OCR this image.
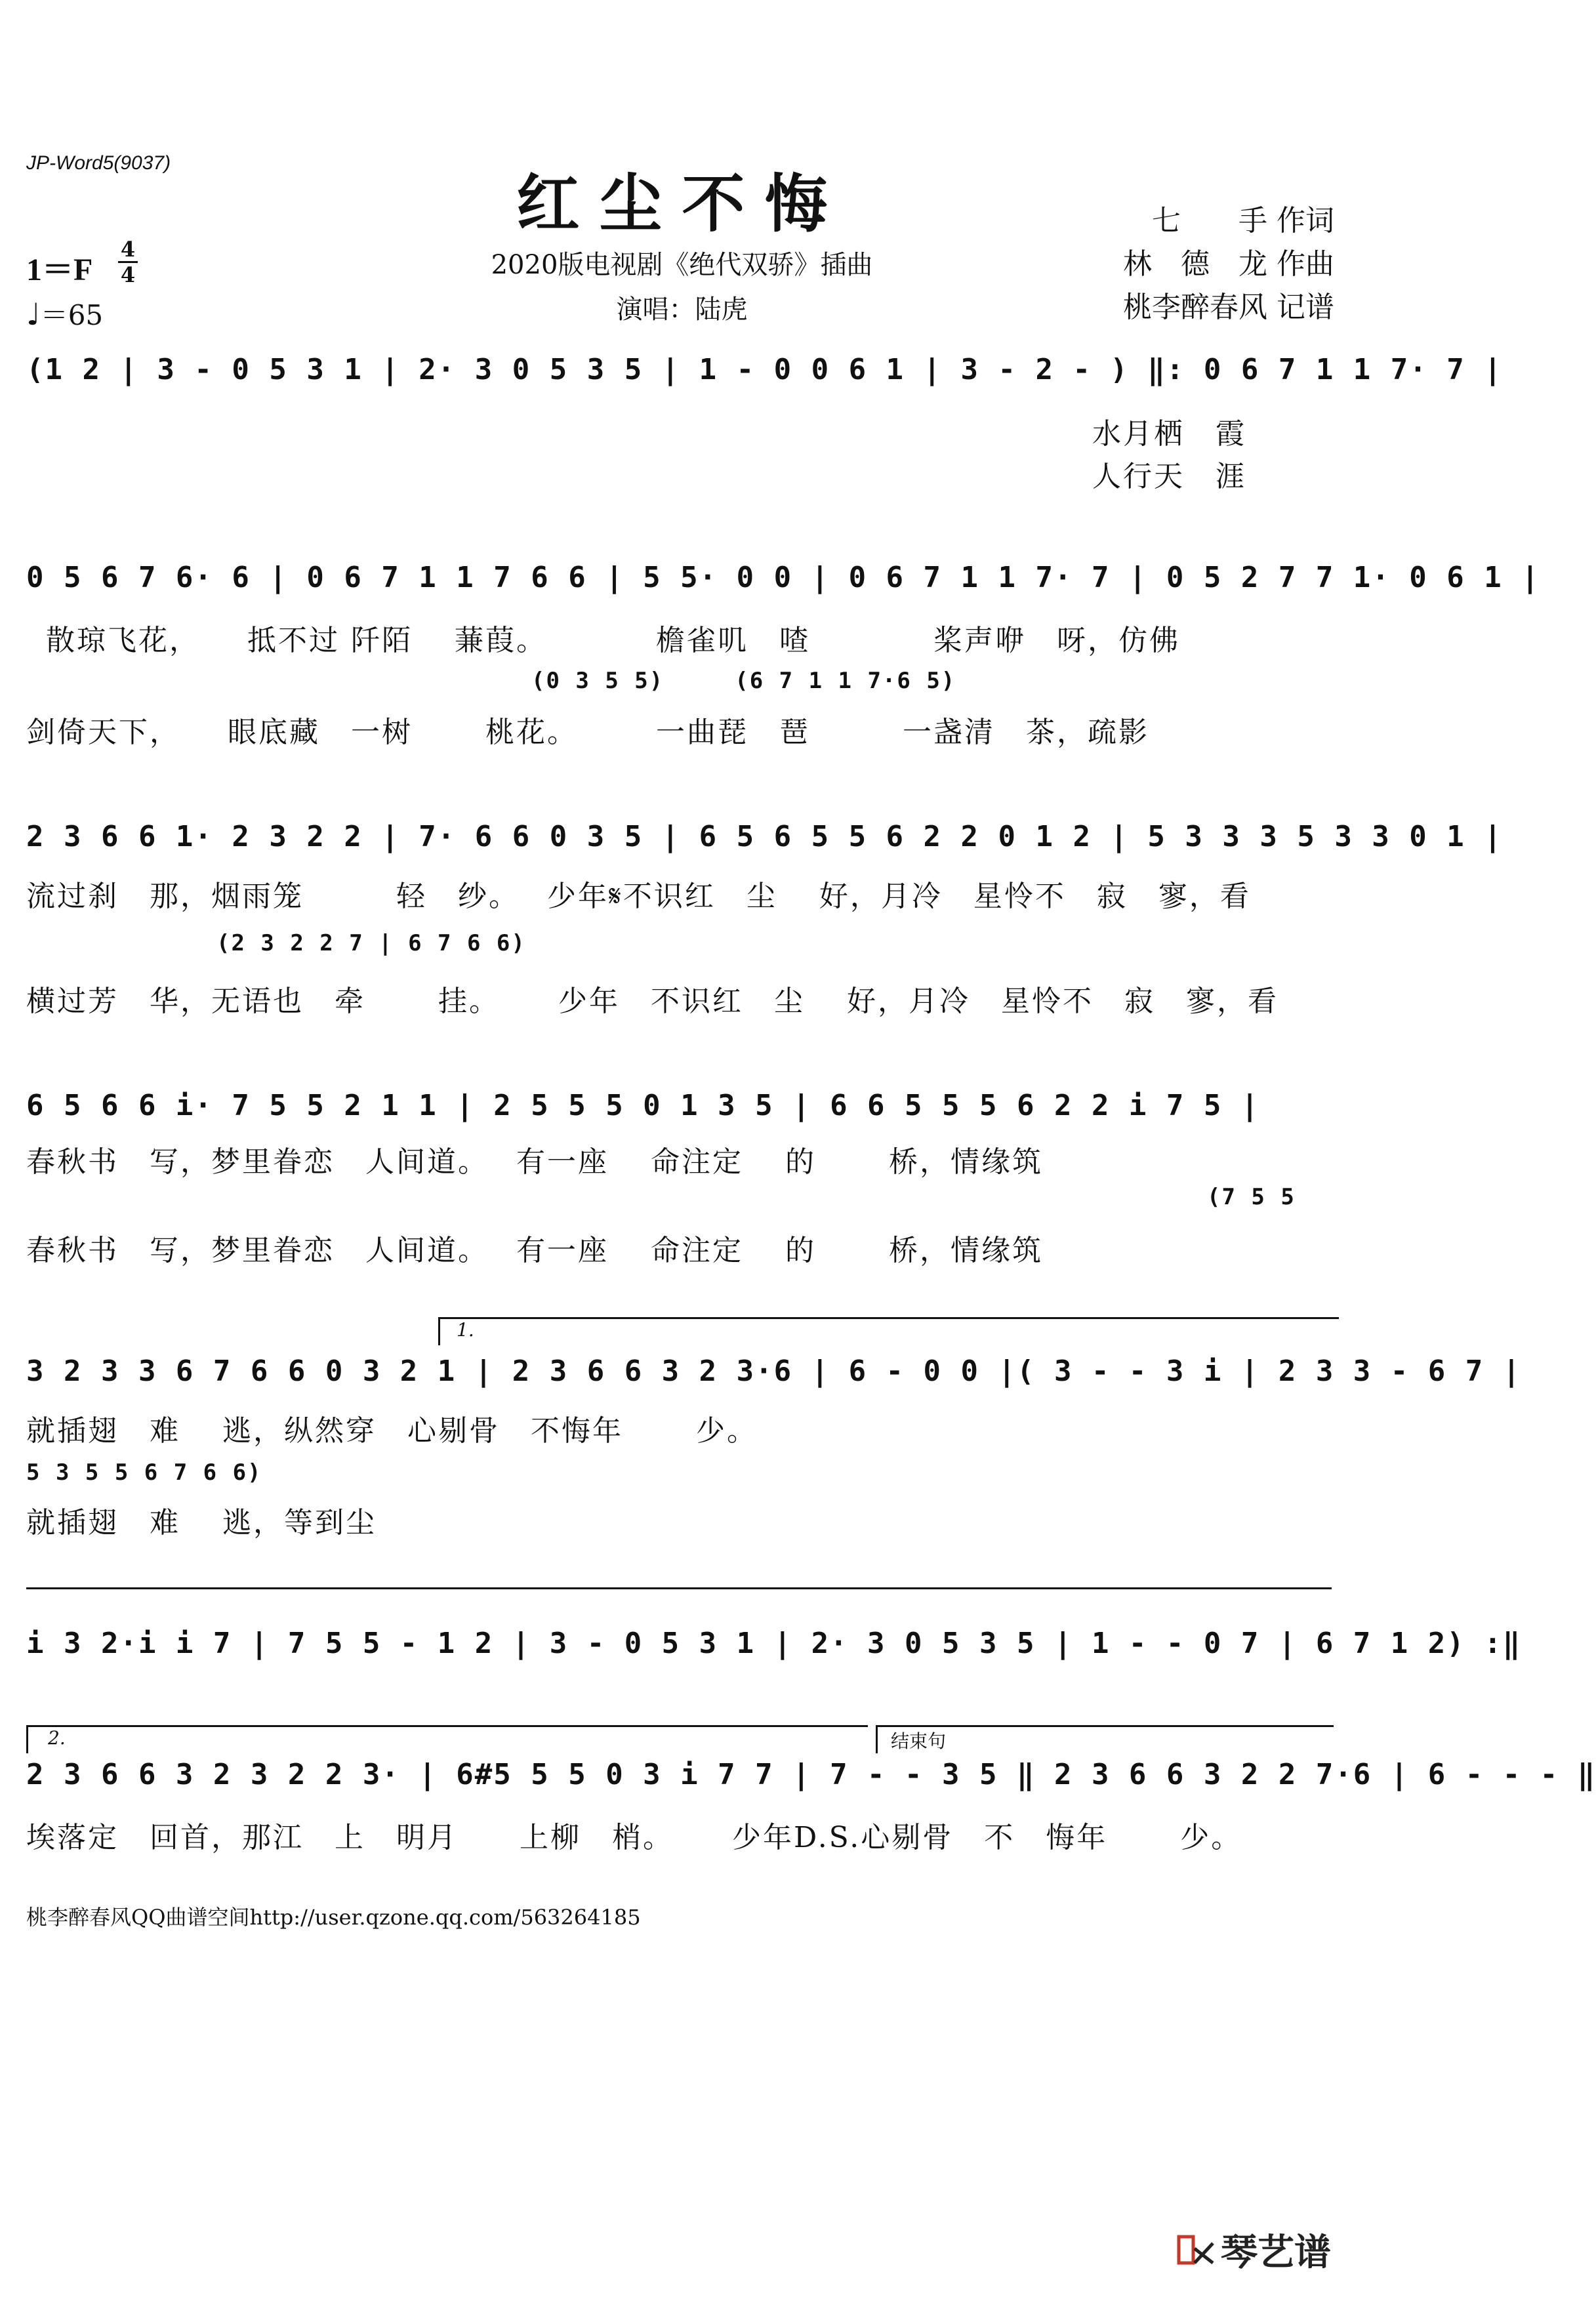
JP-Word5(9037)
红尘不悔
2020版电视剧《绝代双骄》插曲
演唱：陆虎
七　　手 作词
林　德　龙 作曲
桃李醉春风 记谱
1＝F
4
4
♩＝65
(1 2 | 3 - 0 5 3 1 | 2· 3 0 5 3 5 | 1 - 0 0 6 1 | 3 - 2 - ) ‖: 0 6 7 1 1 7· 7 |
水月栖　霞
人行天　涯
0 5 6 7 6· 6 | 0 6 7 1 1 7 6 6 | 5 5· 0 0 | 0 6 7 1 1 7· 7 | 0 5 2 7 7 1· 0 6 1 |
散琼飞花，　　抵不过 阡陌　 蒹葭。　　　　檐雀叽　喳　　　　桨声咿　呀，仿佛
(0 3 5 5)　　　(6 7 1 1 7·6 5)
剑倚天下，　　眼底藏　一树　　 桃花。　　　一曲琵　琶　　　一盏清　茶，疏影
2 3 6 6 1· 2 3 2 2 | 7· 6 6 0 3 5 | 6 5 6 5 5 6 2 2 0 1 2 | 5 3 3 3 5 3 3 0 1 |
流过刹　那，烟雨笼　　　轻　纱。　 少年𝄋不识红　尘　 好，月冷　星怜不　寂　寥，看
(2 3 2 2 7 | 6 7 6 6)
横过芳　华，无语也　牵　　 挂。　　 少年　不识红　尘　 好，月冷　星怜不　寂　寥，看
6 5 6 6 i· 7 5 5 2 1 1 | 2 5 5 5 0 1 3 5 | 6 6 5 5 5 6 2 2 i 7 5 |
春秋书　写，梦里眷恋　人间道。　 有一座　 命注定　 的　　 桥，情缘筑
(7 5 5
春秋书　写，梦里眷恋　人间道。　 有一座　 命注定　 的　　 桥，情缘筑
1.
3 2 3 3 6 7 6 6 0 3 2 1 | 2 3 6 6 3 2 3·6 | 6 - 0 0 |( 3 - - 3 i | 2 3 3 - 6 7 |
就插翅　难　 逃，纵然穿　心剔骨　不悔年　　 少。
5 3 5 5 6 7 6 6)
就插翅　难　 逃，等到尘
i 3 2·i i 7 | 7 5 5 - 1 2 | 3 - 0 5 3 1 | 2· 3 0 5 3 5 | 1 - - 0 7 | 6 7 1 2) :‖
2.	结束句
2 3 6 6 3 2 3 2 2 3· | 6#5 5 5 0 3 i 7 7 | 7 - - 3 5 ‖ 2 3 6 6 3 2 2 7·6 | 6 - - - ‖
埃落定　回首，那江　上　明月　　上柳　梢。　　 少年D.S.心剔骨　不　悔年　　 少。
桃李醉春风QQ曲谱空间http://user.qzone.qq.com/563264185
琴艺谱
